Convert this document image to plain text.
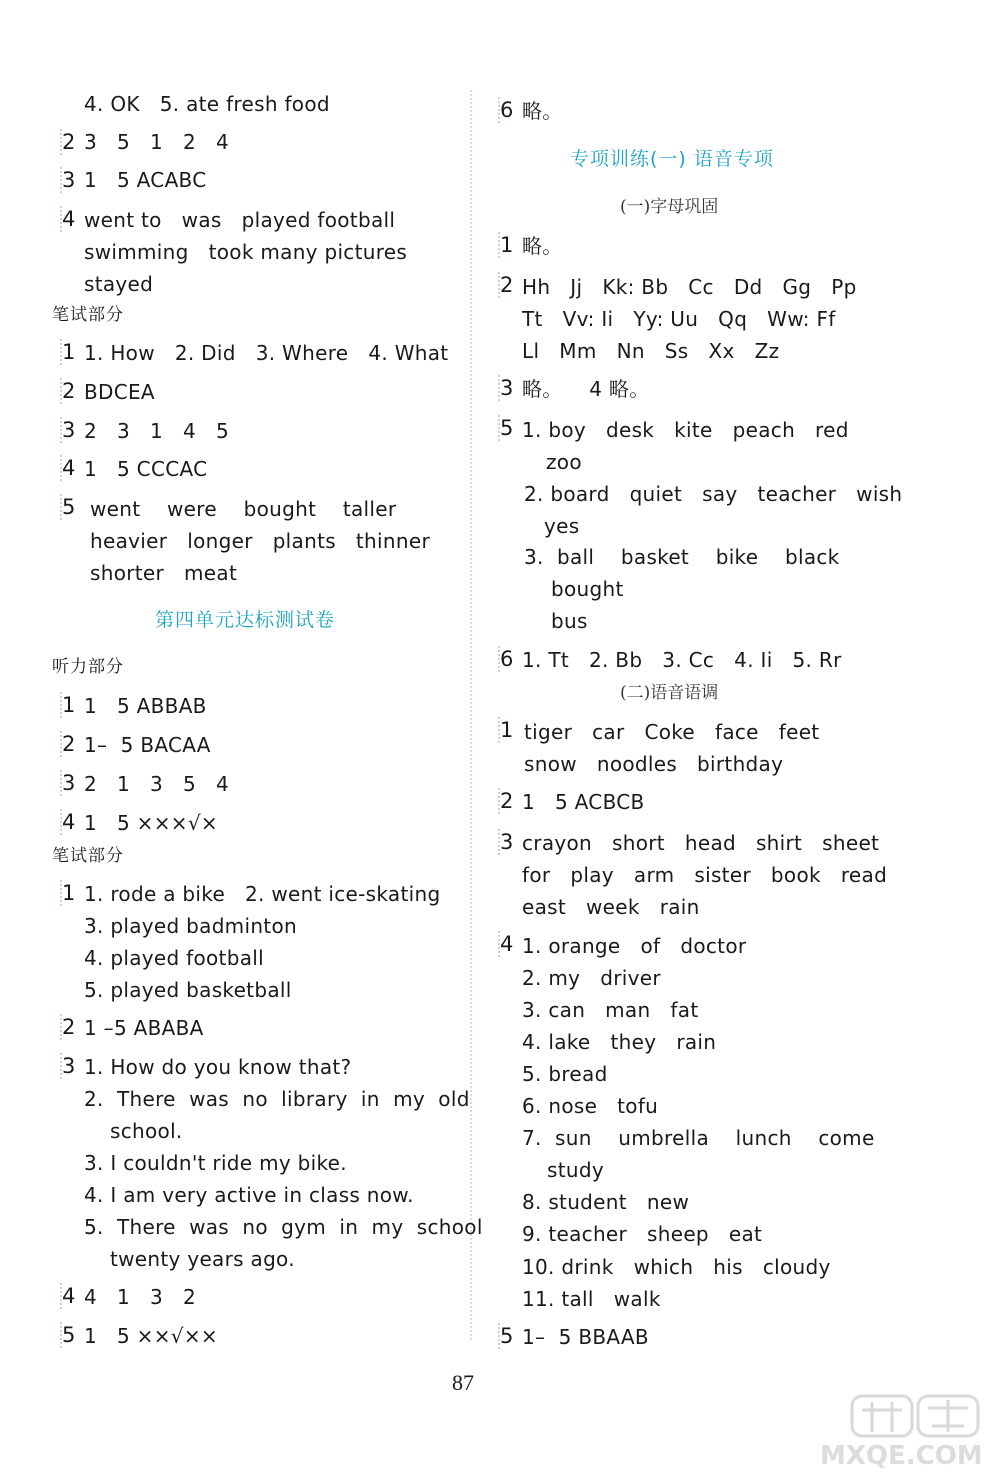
4. OK   5. ate fresh food
2 3   5   1   2   4
3 1   5 ACABC
4 went to   was   played football
swimming   took many pictures
stayed
笔试部分
1 1. How   2. Did   3. Where   4. What
2 BDCEA
3 2   3   1   4   5
4 1   5 CCCAC
5 went    were    bought    taller
heavier   longer   plants   thinner
shorter   meat
第四单元达标测试卷
听力部分
1 1   5 ABBAB
2 1–  5 BACAA
3 2   1   3   5   4
4 1   5 ×××√×
笔试部分
1 1. rode a bike   2. went ice-skating
3. played badminton
4. played football
5. played basketball
2 1 –5 ABABA
3 1. How do you know that?
2.  There  was  no  library  in  my  old
school.
3. I couldn't ride my bike.
4. I am very active in class now.
5.  There  was  no  gym  in  my  school
twenty years ago.
4 4   1   3   2
5 1   5 ××√××
6 略。
专项训练(一) 语音专项
(一)字母巩固
1 略。
2 Hh   Jj   Kk: Bb   Cc   Dd   Gg   Pp
Tt   Vv: Ii   Yy: Uu   Qq   Ww: Ff
Ll   Mm   Nn   Ss   Xx   Zz
3 略。    4 略。
5 1. boy   desk   kite   peach   red
zoo
2. board   quiet   say   teacher   wish
yes
3.  ball    basket    bike    black
bought
bus
6 1. Tt   2. Bb   3. Cc   4. Ii   5. Rr
(二)语音语调
1 tiger   car   Coke   face   feet
snow   noodles   birthday
2 1   5 ACBCB
3 crayon   short   head   shirt   sheet
for   play   arm   sister   book   read
east   week   rain
4 1. orange   of   doctor
2. my   driver
3. can   man   fat
4. lake   they   rain
5. bread
6. nose   tofu
7.  sun    umbrella    lunch    come
study
8. student   new
9. teacher   sheep   eat
10. drink   which   his   cloudy
11. tall   walk
5 1–  5 BBAAB
87
MXQE.COM
